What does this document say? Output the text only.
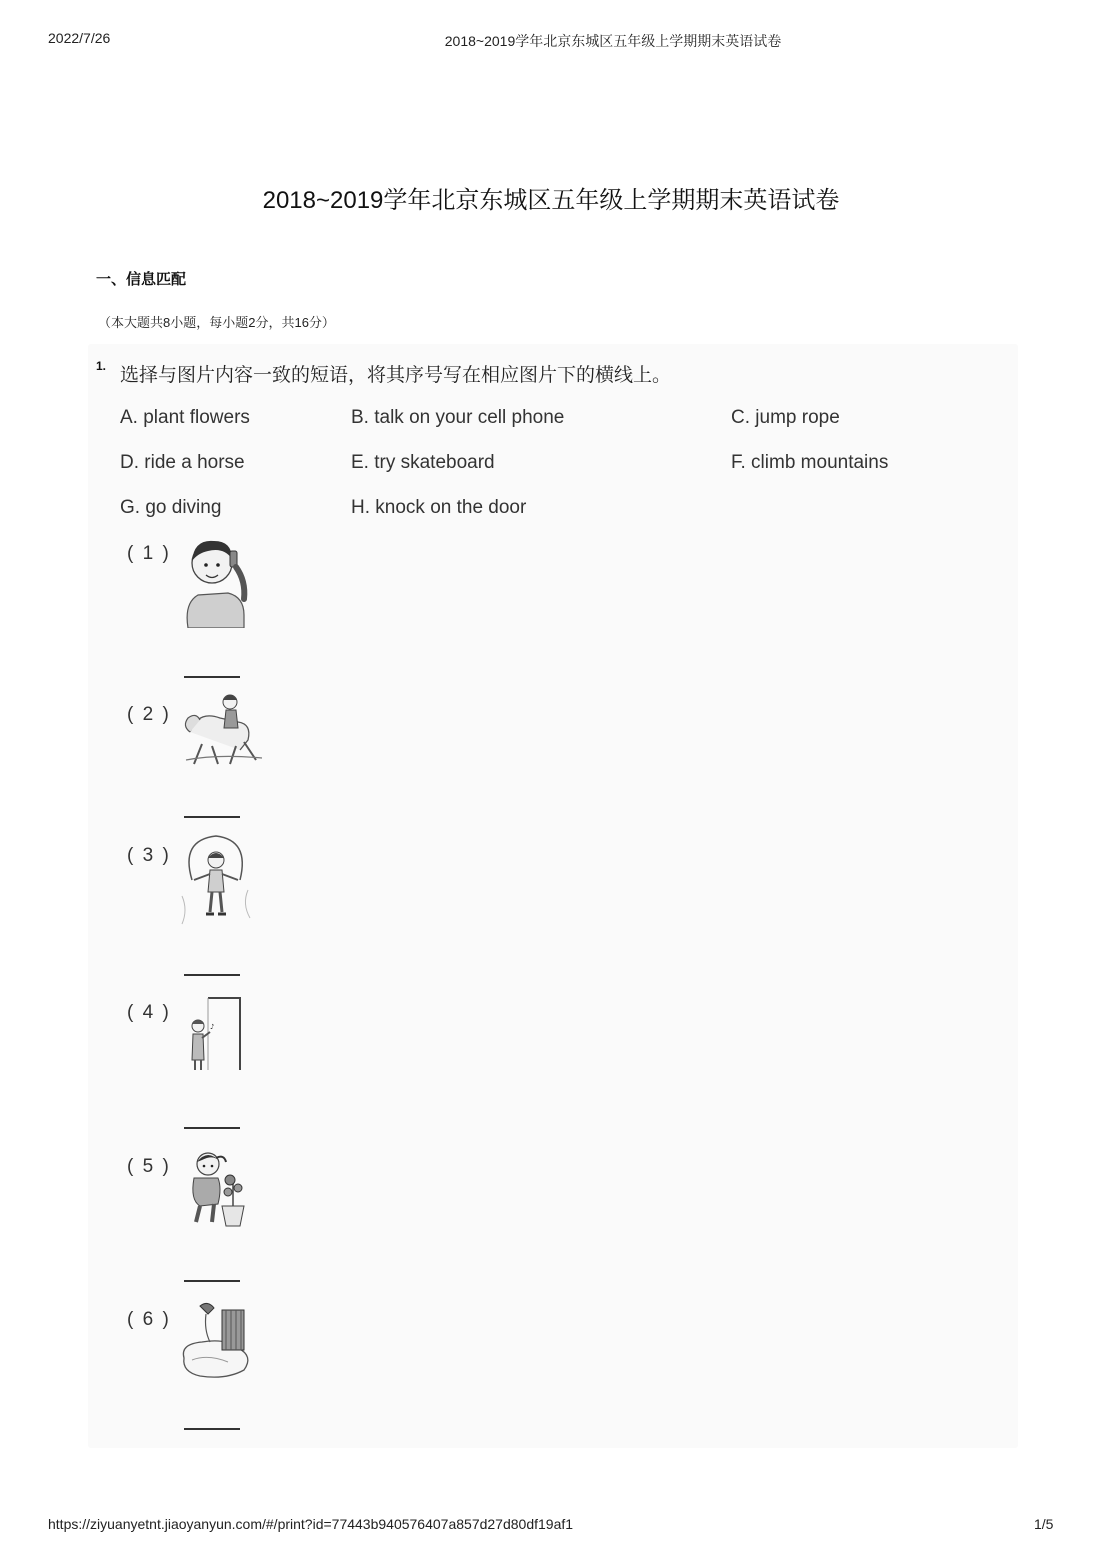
2022/7/26	2018~2019学年北京东城区五年级上学期期末英语试卷
2018~2019学年北京东城区五年级上学期期末英语试卷
一、信息匹配
（本大题共8小题，每小题2分，共16分）
1. 选择与图片内容一致的短语，将其序号写在相应图片下的横线上。
A. plant flowers	B. talk on your cell phone	C. jump rope
D. ride a horse	E. try skateboard	F. climb mountains
G. go diving	H. knock on the door
( 1 )
( 2 )
( 3 )
( 4 )
♪
( 5 )
( 6 )
https://ziyuanyetnt.jiaoyanyun.com/#/print?id=77443b940576407a857d27d80df19af1	1/5
